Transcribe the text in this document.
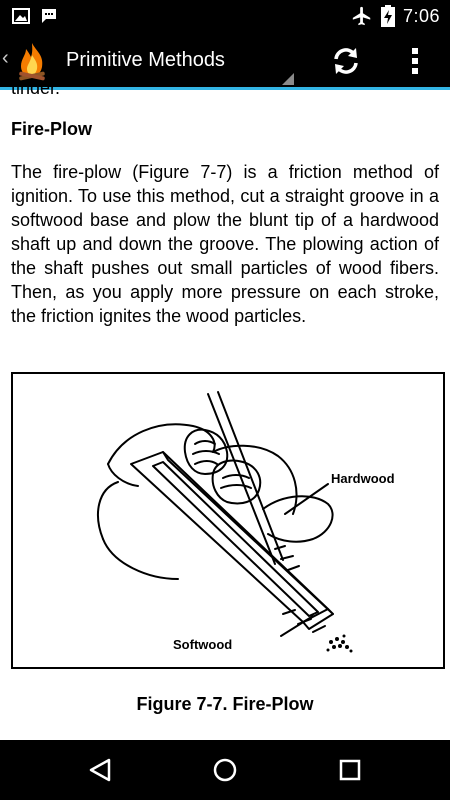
7:06
‹	Primitive Methods
tinder.
Fire-Plow

The fire-plow (Figure 7-7) is a friction method of ignition. To use this method, cut a straight groove in a softwood base and plow the blunt tip of a hardwood shaft up and down the groove. The plowing action of the shaft pushes out small particles of wood fibers. Then, as you apply more pressure on each stroke, the friction ignites the wood particles.

Hardwood
Softwood
Figure 7-7. Fire-Plow
